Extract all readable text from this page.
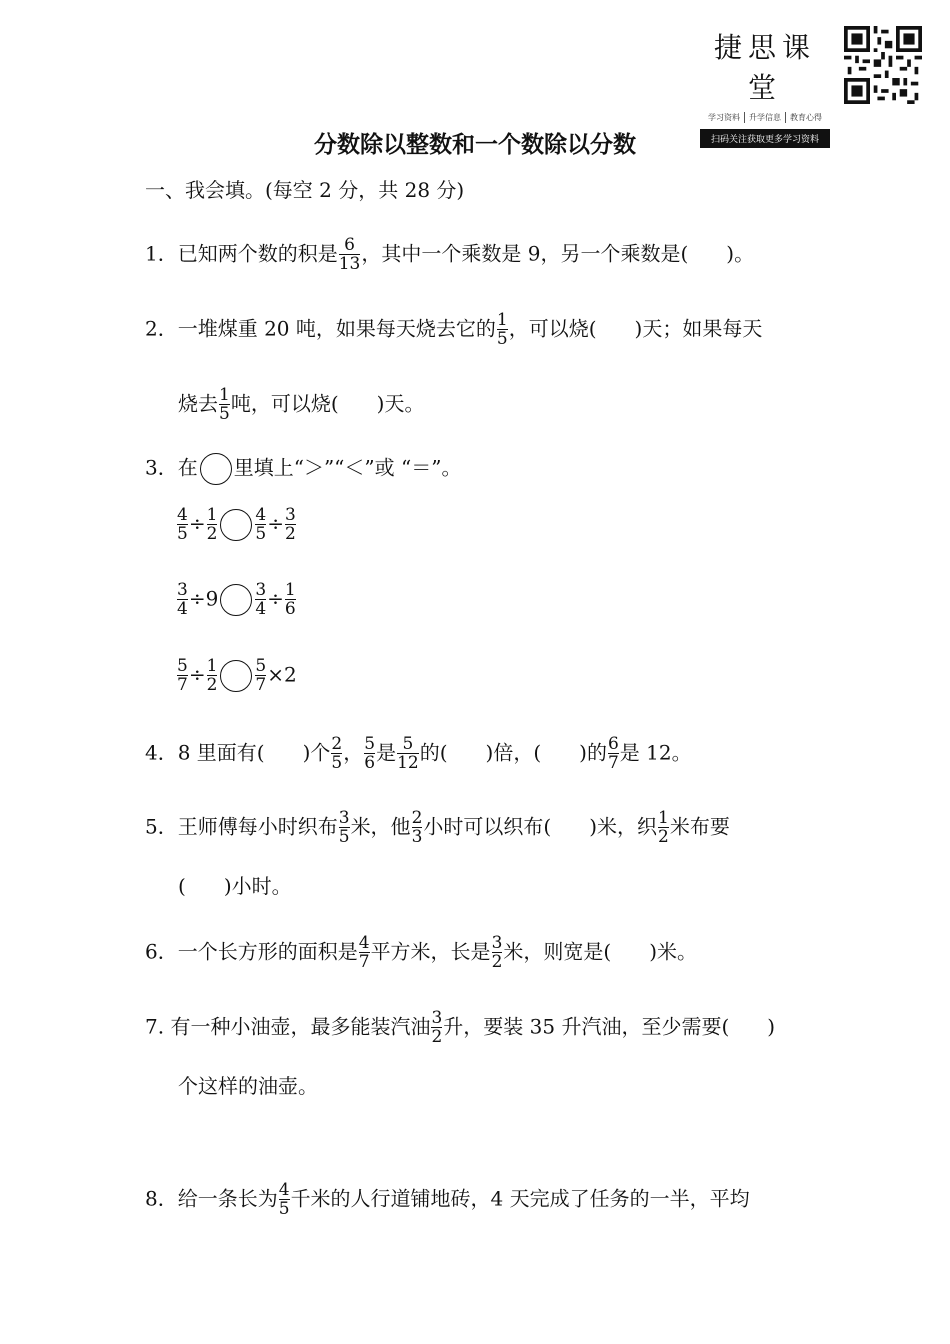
捷思课堂
学习资料	升学信息	教育心得
扫码关注获取更多学习资料
分数除以整数和一个数除以分数
一、我会填。(每空 2 分，共 28 分)
1．已知两个数的积是 $\frac{6}{13}$ ，其中一个乘数是 9，另一个乘数是( )。
2．一堆煤重 20 吨，如果每天烧去它的 $\frac{1}{5}$ ，可以烧( )天；如果每天
烧去 $\frac{1}{5}$ 吨，可以烧( )天。
3．在 里填上“＞”“＜”或 “＝”。
$\frac{4}{5} \div \frac{1}{2} \frac{4}{5} \div \frac{3}{2}$
$\frac{3}{4} \div 9 \frac{3}{4} \div \frac{1}{6}$
$\frac{5}{7} \div \frac{1}{2} \frac{5}{7} \times 2$
4．8 里面有( )个 $\frac{2}{5}$ ， $\frac{5}{6}$ 是 $\frac{5}{12}$ 的( )倍，( )的 $\frac{6}{7}$ 是 12。
5．王师傅每小时织布 $\frac{3}{5}$ 米，他 $\frac{2}{3}$ 小时可以织布( )米，织 $\frac{1}{2}$ 米布要
( )小时。
6．一个长方形的面积是 $\frac{4}{7}$ 平方米，长是 $\frac{3}{2}$ 米，则宽是( )米。
7. 有一种小油壶，最多能装汽油 $\frac{3}{2}$ 升，要装 35 升汽油，至少需要( )
个这样的油壶。
8．给一条长为 $\frac{4}{5}$ 千米的人行道铺地砖，4 天完成了任务的一半，平均
